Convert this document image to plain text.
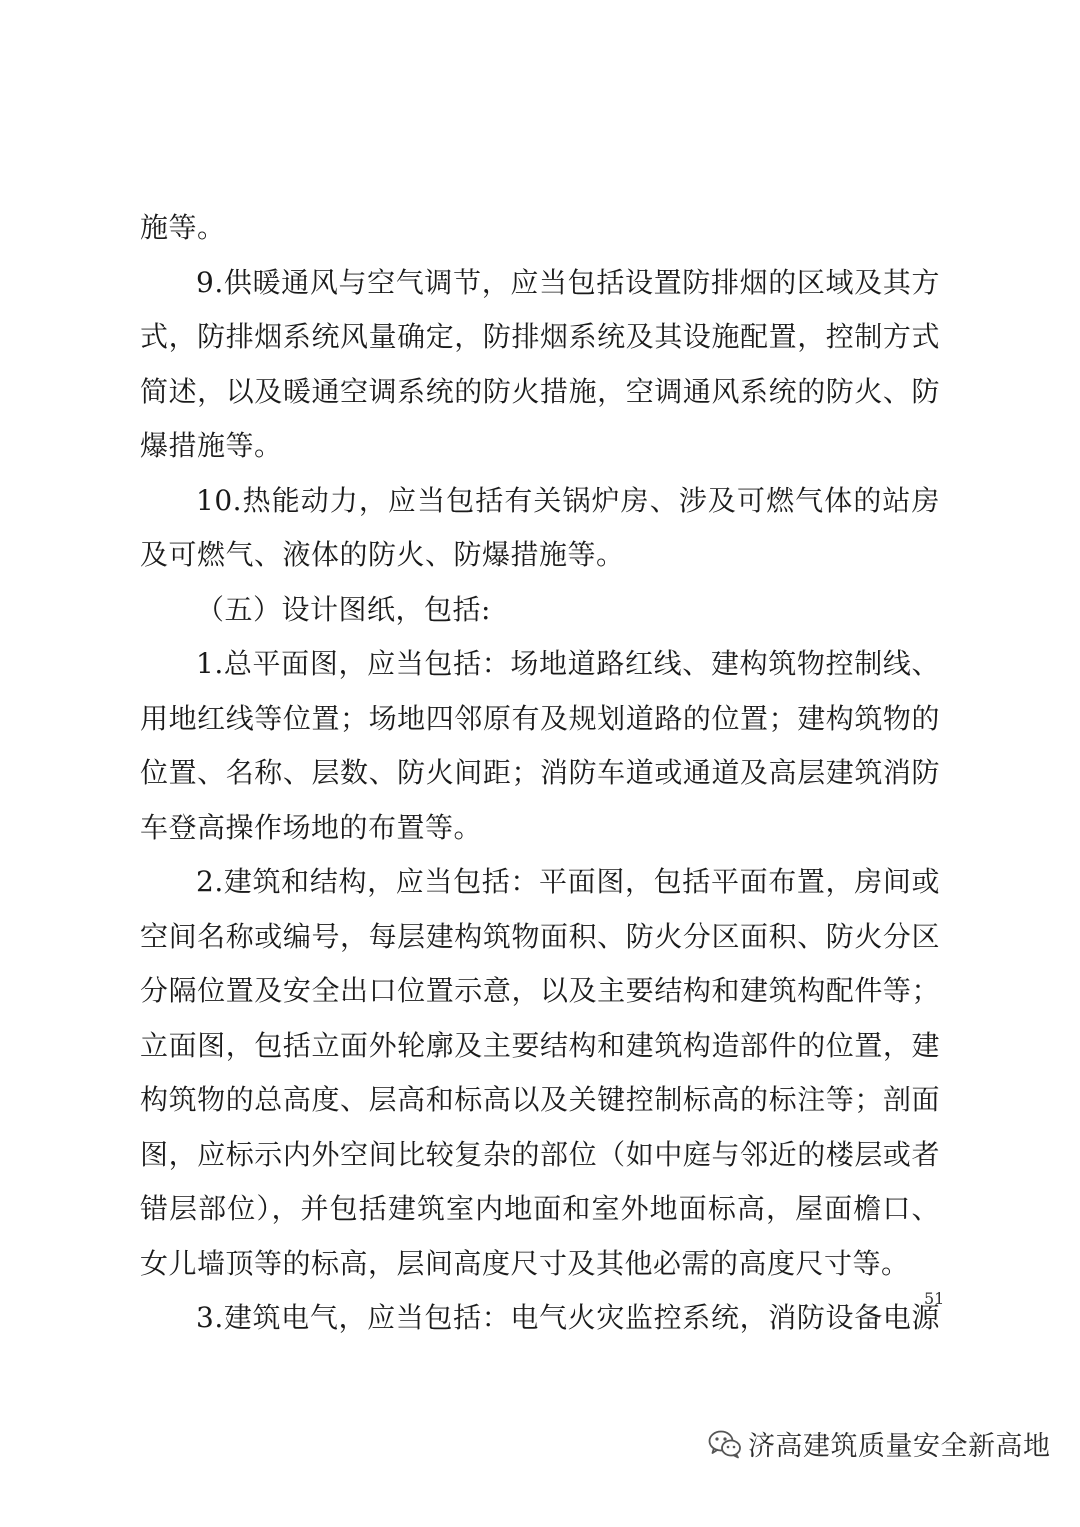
施等。
9.供暖通风与空气调节，应当包括设置防排烟的区域及其方
式，防排烟系统风量确定，防排烟系统及其设施配置，控制方式
简述，以及暖通空调系统的防火措施，空调通风系统的防火、防
爆措施等。
10.热能动力，应当包括有关锅炉房、涉及可燃气体的站房
及可燃气、液体的防火、防爆措施等。
（五）设计图纸，包括:
1.总平面图，应当包括：场地道路红线、建构筑物控制线、
用地红线等位置；场地四邻原有及规划道路的位置；建构筑物的
位置、名称、层数、防火间距；消防车道或通道及高层建筑消防
车登高操作场地的布置等。
2.建筑和结构，应当包括：平面图，包括平面布置，房间或
空间名称或编号，每层建构筑物面积、防火分区面积、防火分区
分隔位置及安全出口位置示意，以及主要结构和建筑构配件等；
立面图，包括立面外轮廓及主要结构和建筑构造部件的位置，建
构筑物的总高度、层高和标高以及关键控制标高的标注等；剖面
图，应标示内外空间比较复杂的部位（如中庭与邻近的楼层或者
错层部位），并包括建筑室内地面和室外地面标高，屋面檐口、
女儿墙顶等的标高，层间高度尺寸及其他必需的高度尺寸等。
3.建筑电气，应当包括：电气火灾监控系统，消防设备电源
51
济高建筑质量安全新高地
